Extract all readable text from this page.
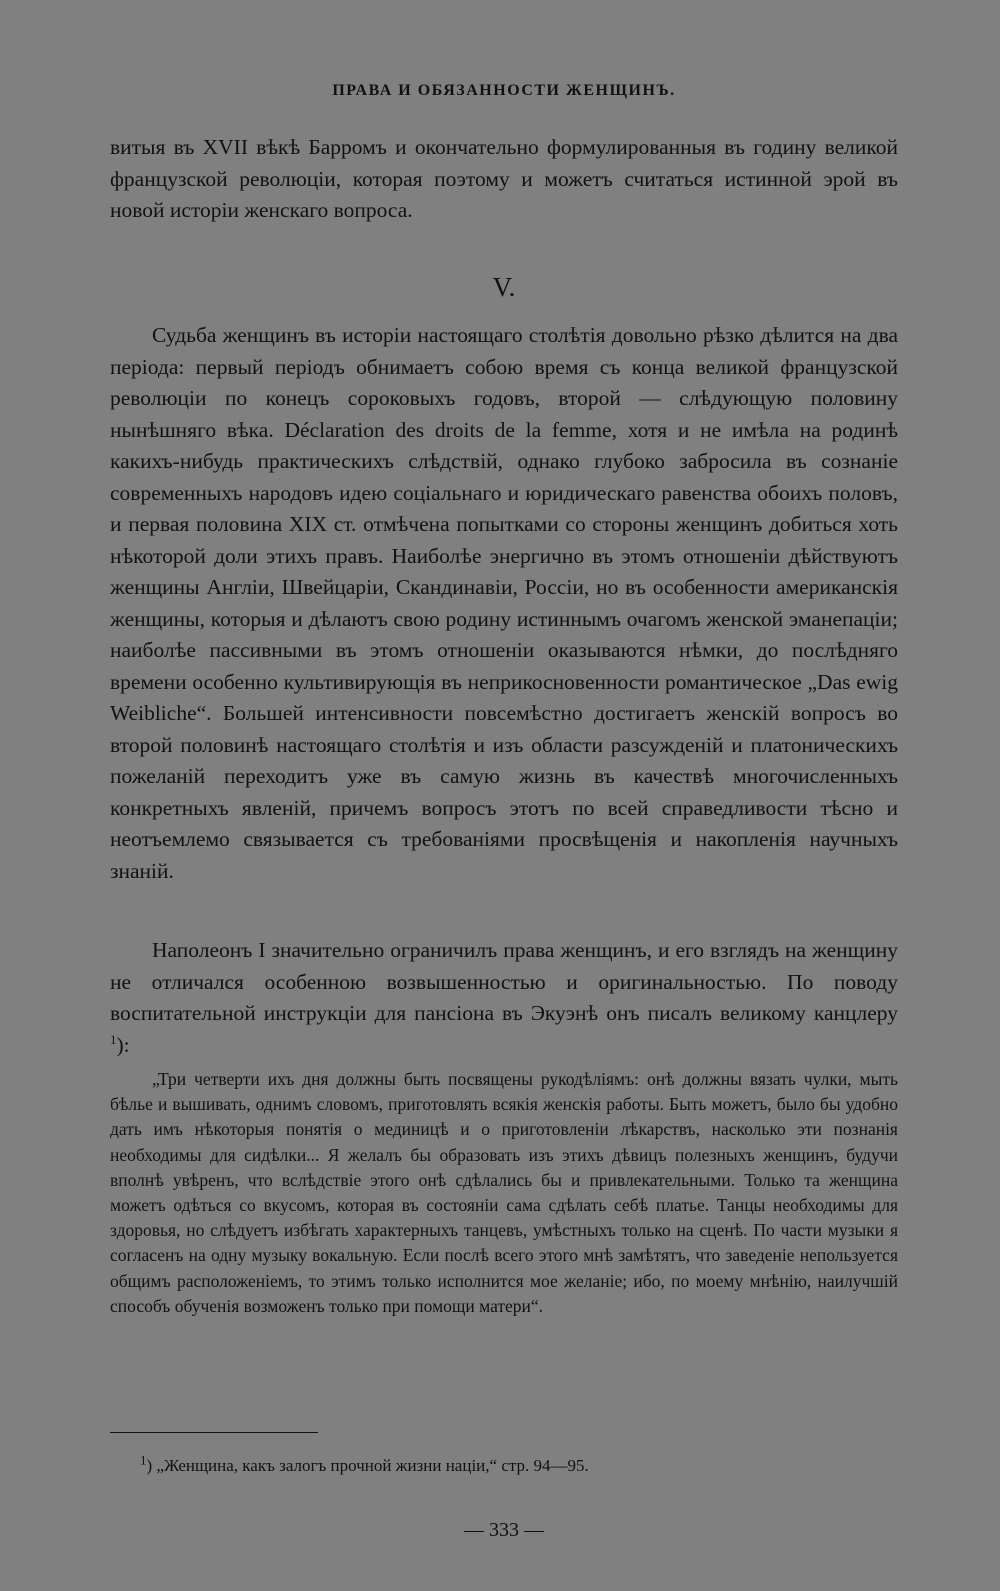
ПРАВА И ОБЯЗАННОСТИ ЖЕНЩИНЪ.

витыя въ XVII вѣкѣ Барромъ и окончательно формулированныя въ годину великой французской революціи, которая поэтому и можетъ считаться истинной эрой въ новой исторіи женскаго вопроса.

V.

Судьба женщинъ въ исторіи настоящаго столѣтія довольно рѣзко дѣлится на два періода: первый періодъ обнимаетъ собою время съ конца великой французской революціи по конецъ сороковыхъ годовъ, второй — слѣдующую половину нынѣшняго вѣка. Déclaration des droits de la femme, хотя и не имѣла на родинѣ какихъ-нибудь практическихъ слѣдствій, однако глубоко забросила въ сознаніе современныхъ народовъ идею соціальнаго и юридическаго равенства обоихъ половъ, и первая половина XIX ст. отмѣчена попытками со стороны женщинъ добиться хоть нѣкоторой доли этихъ правъ. Наиболѣе энергично въ этомъ отношеніи дѣйствуютъ женщины Англіи, Швейцаріи, Скандинавіи, Россіи, но въ особенности американскія женщины, которыя и дѣлаютъ свою родину истиннымъ очагомъ женской эманепаціи; наиболѣе пассивными въ этомъ отношеніи оказываются нѣмки, до послѣдняго времени особенно культивирующія въ неприкосновенности романтическое „Das ewig Weibliche“. Большей интенсивности повсемѣстно достигаетъ женскій вопросъ во второй половинѣ настоящаго столѣтія и изъ области разсужденій и платоническихъ пожеланій переходитъ уже въ самую жизнь въ качествѣ многочисленныхъ конкретныхъ явленій, причемъ вопросъ этотъ по всей справедливости тѣсно и неотъемлемо связывается съ требованіями просвѣщенія и накопленія научныхъ знаній.

Наполеонъ I значительно ограничилъ права женщинъ, и его взглядъ на женщину не отличался особенною возвышенностью и оригинальностью. По поводу воспитательной инструкціи для пансіона въ Экуэнѣ онъ писалъ великому канцлеру $^1$):

„Три четверти ихъ дня должны быть посвящены рукодѣліямъ: онѣ должны вязать чулки, мыть бѣлье и вышивать, однимъ словомъ, приготовлять всякія женскія работы. Быть можетъ, было бы удобно дать имъ нѣкоторыя понятія о мединицѣ и о приготовленіи лѣкарствъ, насколько эти познанія необходимы для сидѣлки... Я желалъ бы образовать изъ этихъ дѣвицъ полезныхъ женщинъ, будучи вполнѣ увѣренъ, что вслѣдствіе этого онѣ сдѣлались бы и привлекательными. Только та женщина можетъ одѣться со вкусомъ, которая въ состояніи сама сдѣлать себѣ платье. Танцы необходимы для здоровья, но слѣдуетъ избѣгать характерныхъ танцевъ, умѣстныхъ только на сценѣ. По части музыки я согласенъ на одну музыку вокальную. Если послѣ всего этого мнѣ замѣтятъ, что заведеніе непользуется общимъ расположеніемъ, то этимъ только исполнится мое желаніе; ибо, по моему мнѣнію, наилучшій способъ обученія возможенъ только при помощи матери“.

$^1$) „Женщина, какъ залогъ прочной жизни націи,“ стр. 94—95.
— 333 —
